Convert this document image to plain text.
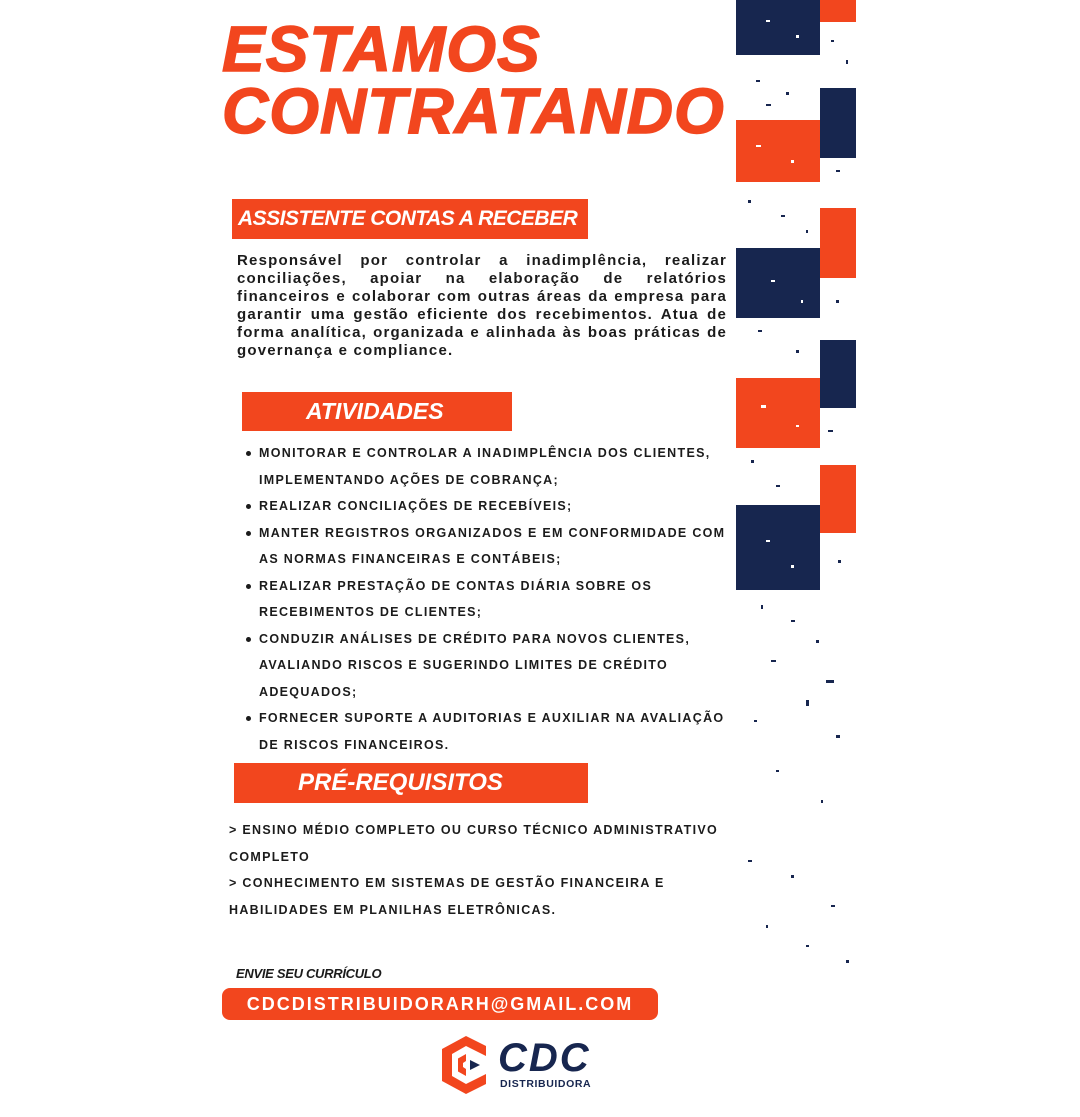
ESTAMOS
CONTRATANDO
ASSISTENTE CONTAS A RECEBER

Responsável por controlar a inadimplência, realizar conciliações, apoiar na elaboração de relatórios financeiros e colaborar com outras áreas da empresa para garantir uma gestão eficiente dos recebimentos. Atua de forma analítica, organizada e alinhada às boas práticas de governança e compliance.

ATIVIDADES
MONITORAR E CONTROLAR A INADIMPLÊNCIA DOS CLIENTES, IMPLEMENTANDO AÇÕES DE COBRANÇA;
REALIZAR CONCILIAÇÕES DE RECEBÍVEIS;
MANTER REGISTROS ORGANIZADOS E EM CONFORMIDADE COM AS NORMAS FINANCEIRAS E CONTÁBEIS;
REALIZAR PRESTAÇÃO DE CONTAS DIÁRIA SOBRE OS RECEBIMENTOS DE CLIENTES;
CONDUZIR ANÁLISES DE CRÉDITO PARA NOVOS CLIENTES, AVALIANDO RISCOS E SUGERINDO LIMITES DE CRÉDITO ADEQUADOS;
FORNECER SUPORTE A AUDITORIAS E AUXILIAR NA AVALIAÇÃO DE RISCOS FINANCEIROS.
PRÉ-REQUISITOS
> ENSINO MÉDIO COMPLETO OU CURSO TÉCNICO ADMINISTRATIVO COMPLETO
> CONHECIMENTO EM SISTEMAS DE GESTÃO FINANCEIRA E HABILIDADES EM PLANILHAS ELETRÔNICAS.

ENVIE SEU CURRÍCULO

CDCDISTRIBUIDORARH@GMAIL.COM
CDC
DISTRIBUIDORA
